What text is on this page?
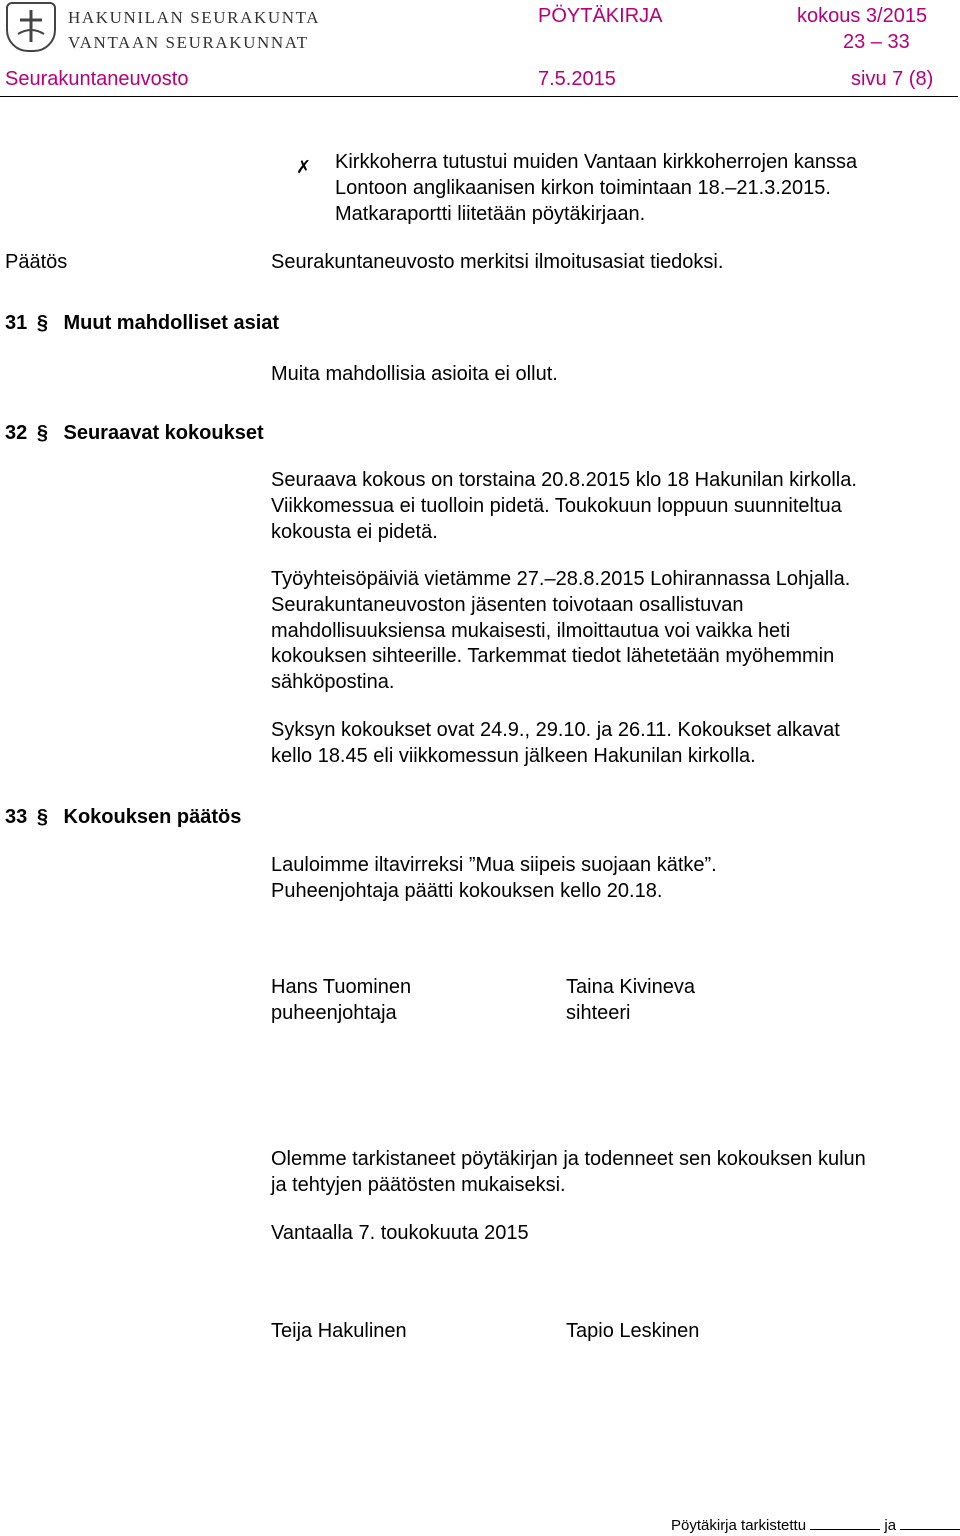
HAKUNILAN SEURAKUNTA
VANTAAN SEURAKUNNAT
PÖYTÄKIRJA	kokous 3/2015
23 – 33
Seurakuntaneuvosto	7.5.2015	sivu 7 (8)
✗ Kirkkoherra tutustui muiden Vantaan kirkkoherrojen kanssa
Lontoon anglikaanisen kirkon toimintaan 18.–21.3.2015.
Matkaraportti liitetään pöytäkirjaan.
Päätös	Seurakuntaneuvosto merkitsi ilmoitusasiat tiedoksi.
31 § Muut mahdolliset asiat
Muita mahdollisia asioita ei ollut.
32 § Seuraavat kokoukset
Seuraava kokous on torstaina 20.8.2015 klo 18 Hakunilan kirkolla.
Viikkomessua ei tuolloin pidetä. Toukokuun loppuun suunniteltua
kokousta ei pidetä.
Työyhteisöpäiviä vietämme 27.–28.8.2015 Lohirannassa Lohjalla.
Seurakuntaneuvoston jäsenten toivotaan osallistuvan
mahdollisuuksiensa mukaisesti, ilmoittautua voi vaikka heti
kokouksen sihteerille. Tarkemmat tiedot lähetetään myöhemmin
sähköpostina.
Syksyn kokoukset ovat 24.9., 29.10. ja 26.11. Kokoukset alkavat
kello 18.45 eli viikkomessun jälkeen Hakunilan kirkolla.
33 § Kokouksen päätös
Lauloimme iltavirreksi ”Mua siipeis suojaan kätke”.
Puheenjohtaja päätti kokouksen kello 20.18.
Hans Tuominen
puheenjohtaja
Taina Kivineva
sihteeri
Olemme tarkistaneet pöytäkirjan ja todenneet sen kokouksen kulun
ja tehtyjen päätösten mukaiseksi.
Vantaalla 7. toukokuuta 2015
Teija Hakulinen	Tapio Leskinen
Pöytäkirja tarkistettu	ja
